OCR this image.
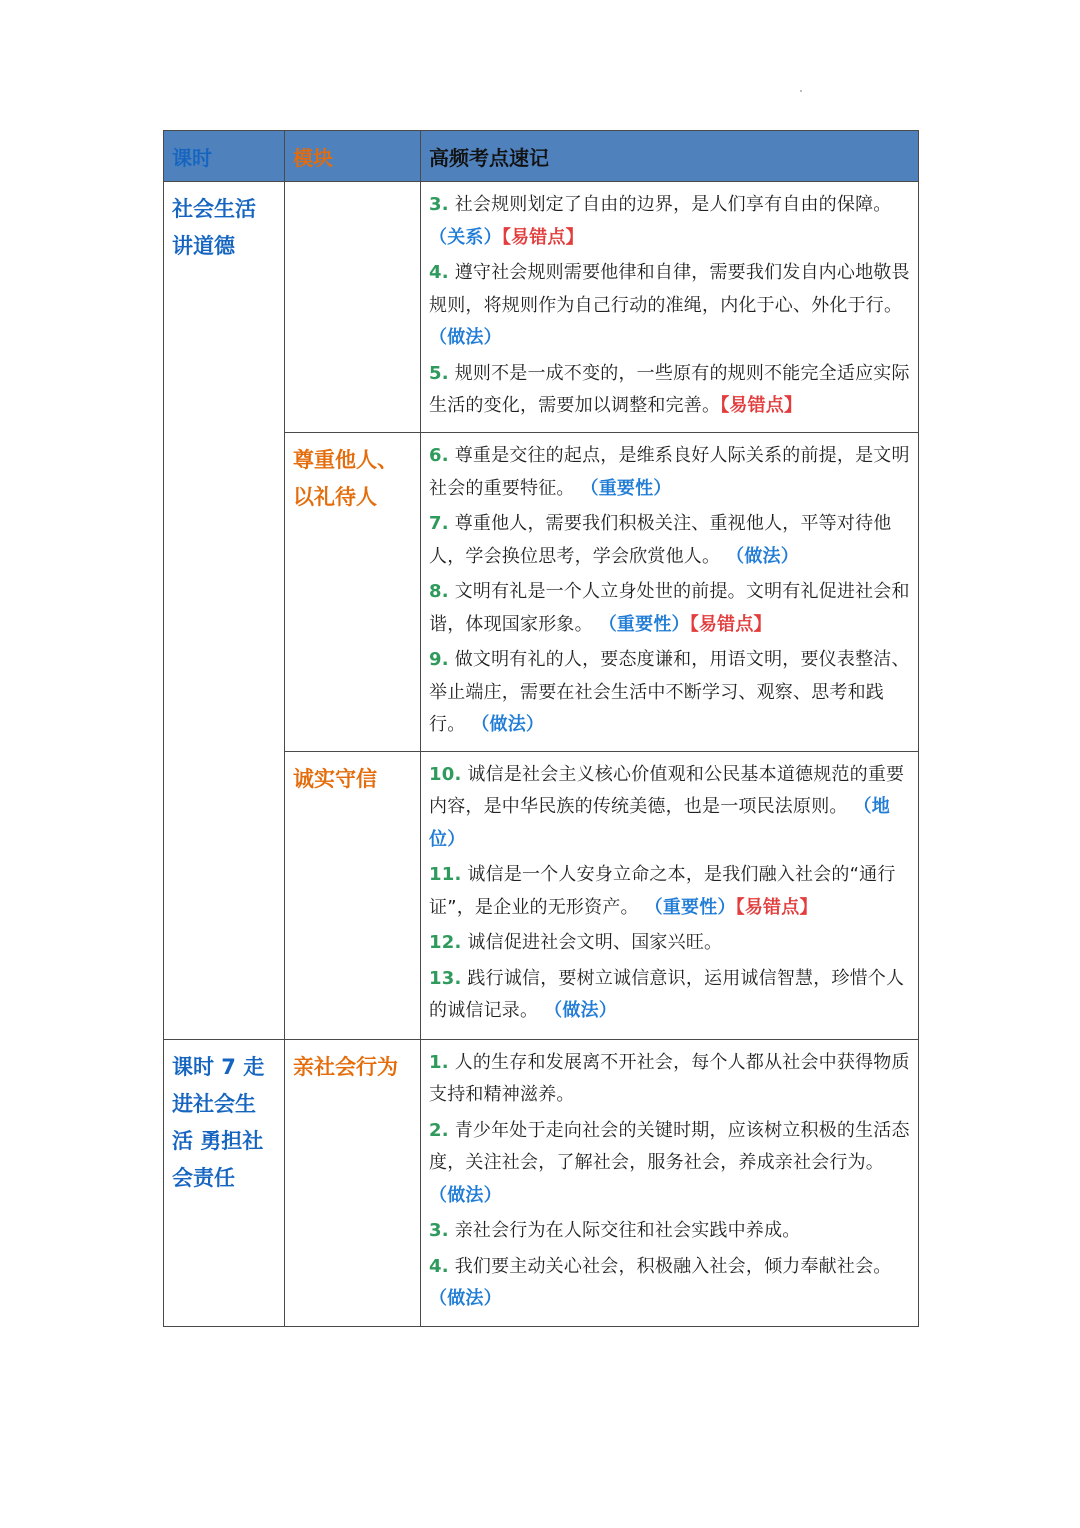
课时	模块	高频考点速记
社会生活讲道德		3. 社会规则划定了自由的边界，是人们享有自由的保障。 （关系）【易错点】
4. 遵守社会规则需要他律和自律，需要我们发自内心地敬畏规则，将规则作为自己行动的准绳，内化于心、外化于行。 （做法）
5. 规则不是一成不变的，一些原有的规则不能完全适应实际生活的变化，需要加以调整和完善。【易错点】

	尊重他人、以礼待人	6. 尊重是交往的起点，是维系良好人际关系的前提，是文明社会的重要特征。 （重要性）
7. 尊重他人，需要我们积极关注、重视他人，平等对待他人，学会换位思考，学会欣赏他人。 （做法）
8. 文明有礼是一个人立身处世的前提。文明有礼促进社会和谐，体现国家形象。 （重要性）【易错点】
9. 做文明有礼的人，要态度谦和，用语文明，要仪表整洁、举止端庄，需要在社会生活中不断学习、观察、思考和践行。 （做法）

	诚实守信	10. 诚信是社会主义核心价值观和公民基本道德规范的重要内容，是中华民族的传统美德，也是一项民法原则。 （地位）
11. 诚信是一个人安身立命之本，是我们融入社会的“通行证”，是企业的无形资产。 （重要性）【易错点】
12. 诚信促进社会文明、国家兴旺。
13. 践行诚信，要树立诚信意识，运用诚信智慧，珍惜个人的诚信记录。 （做法）

课时 7 走进社会生活 勇担社会责任	亲社会行为	1. 人的生存和发展离不开社会，每个人都从社会中获得物质支持和精神滋养。
2. 青少年处于走向社会的关键时期，应该树立积极的生活态度，关注社会，了解社会，服务社会，养成亲社会行为。 （做法）
3. 亲社会行为在人际交往和社会实践中养成。
4. 我们要主动关心社会，积极融入社会，倾力奉献社会。 （做法）
